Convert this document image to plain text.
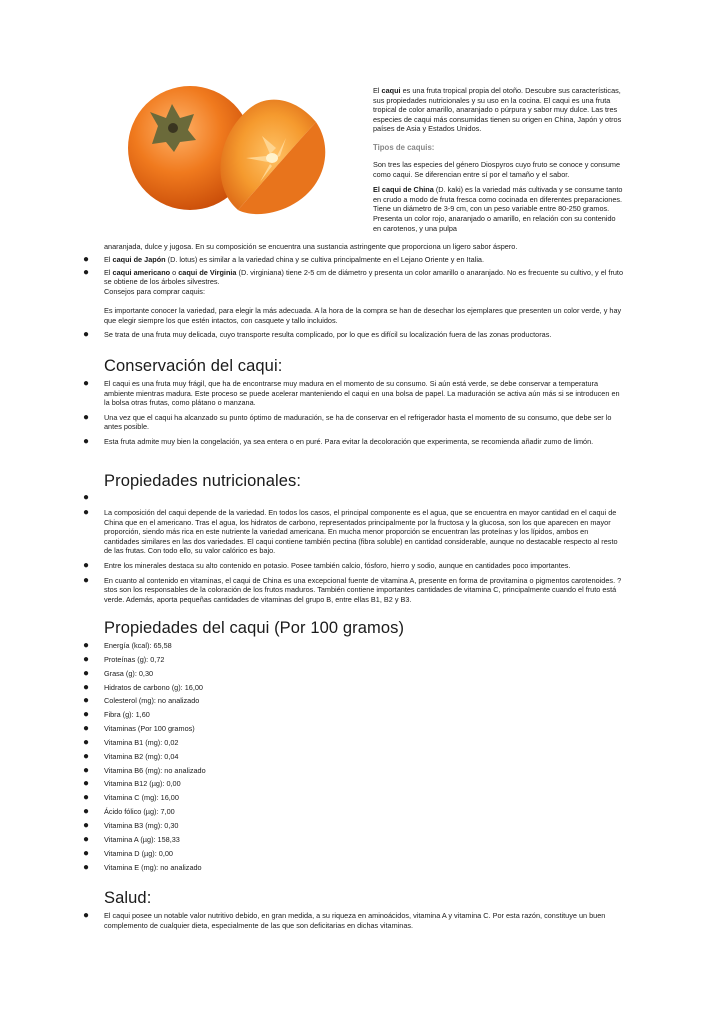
El caqui es una fruta tropical propia del otoño. Descubre sus características, sus propiedades nutricionales y su uso en la cocina. El caqui es una fruta tropical de color amarillo, anaranjado o púrpura y sabor muy dulce. Las tres especies de caqui más consumidas tienen su origen en China, Japón y otros países de Asia y Estados Unidos.

Tipos de caquis:

Son tres las especies del género Diospyros cuyo fruto se conoce y consume como caqui. Se diferencian entre sí por el tamaño y el sabor.

El caqui de China (D. kaki) es la variedad más cultivada y se consume tanto en crudo a modo de fruta fresca como cocinada en diferentes preparaciones. Tiene un diámetro de 3-9 cm, con un peso variable entre 80-250 gramos. Presenta un color rojo, anaranjado o amarillo, en relación con su contenido en carotenos, y una pulpa

anaranjada, dulce y jugosa. En su composición se encuentra una sustancia astringente que proporciona un ligero sabor áspero.

● El caqui de Japón (D. lotus) es similar a la variedad china y se cultiva principalmente en el Lejano Oriente y en Italia.
● El caqui americano o caqui de Virginia (D. virginiana) tiene 2-5 cm de diámetro y presenta un color amarillo o anaranjado. No es frecuente su cultivo, y el fruto se obtiene de los árboles silvestres.
Consejos para comprar caquis:

Es importante conocer la variedad, para elegir la más adecuada. A la hora de la compra se han de desechar los ejemplares que presenten un color verde, y hay que elegir siempre los que estén intactos, con casquete y tallo incluidos.
● Se trata de una fruta muy delicada, cuyo transporte resulta complicado, por lo que es difícil su localización fuera de las zonas productoras.
Conservación del caqui:
● El caqui es una fruta muy frágil, que ha de encontrarse muy madura en el momento de su consumo. Si aún está verde, se debe conservar a temperatura ambiente mientras madura. Este proceso se puede acelerar manteniendo el caqui en una bolsa de papel. La maduración se activa aún más si se introducen en la bolsa otras frutas, como plátano o manzana.
● Una vez que el caqui ha alcanzado su punto óptimo de maduración, se ha de conservar en el refrigerador hasta el momento de su consumo, que debe ser lo antes posible.
● Esta fruta admite muy bien la congelación, ya sea entera o en puré. Para evitar la decoloración que experimenta, se recomienda añadir zumo de limón.
Propiedades nutricionales:
●
● La composición del caqui depende de la variedad. En todos los casos, el principal componente es el agua, que se encuentra en mayor cantidad en el caqui de China que en el americano. Tras el agua, los hidratos de carbono, representados principalmente por la fructosa y la glucosa, son los que aparecen en mayor proporción, siendo más rica en este nutriente la variedad americana. En mucha menor proporción se encuentran las proteínas y los lípidos, ambos en cantidades similares en las dos variedades. El caqui contiene también pectina (fibra soluble) en cantidad considerable, aunque no destacable respecto al resto de las frutas. Con todo ello, su valor calórico es bajo.
● Entre los minerales destaca su alto contenido en potasio. Posee también calcio, fósforo, hierro y sodio, aunque en cantidades poco importantes.
● En cuanto al contenido en vitaminas, el caqui de China es una excepcional fuente de vitamina A, presente en forma de provitamina o pigmentos carotenoides. ?stos son los responsables de la coloración de los frutos maduros. También contiene importantes cantidades de vitamina C, principalmente cuando el fruto está verde. Además, aporta pequeñas cantidades de vitaminas del grupo B, entre ellas B1, B2 y B3.
Propiedades del caqui (Por 100 gramos)
● Energía (kcal): 65,58
● Proteínas (g): 0,72
● Grasa (g): 0,30
● Hidratos de carbono (g): 16,00
● Colesterol (mg): no analizado
● Fibra (g): 1,60
● Vitaminas (Por 100 gramos)
● Vitamina B1 (mg): 0,02
● Vitamina B2 (mg): 0,04
● Vitamina B6 (mg): no analizado
● Vitamina B12 (µg): 0,00
● Vitamina C (mg): 16,00
● Ácido fólico (µg): 7,00
● Vitamina B3 (mg): 0,30
● Vitamina A (µg): 158,33
● Vitamina D (µg): 0,00
● Vitamina E (mg): no analizado
Salud:
● El caqui posee un notable valor nutritivo debido, en gran medida, a su riqueza en aminoácidos, vitamina A y vitamina C. Por esta razón, constituye un buen complemento de cualquier dieta, especialmente de las que son deficitarias en dichas vitaminas.
